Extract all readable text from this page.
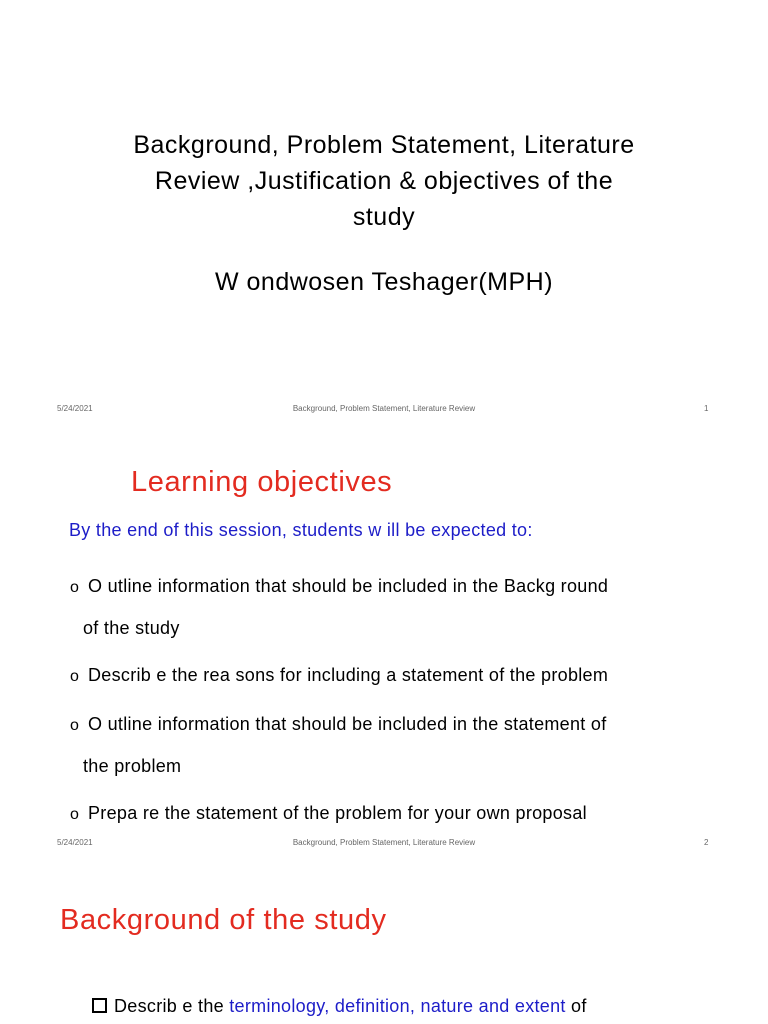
Background, Problem Statement, Literature
Review ,Justification & objectives of the
study
W ondwosen Teshager(MPH)
5/24/2021	Background, Problem Statement, Literature Review	1
Learning objectives
By the end of this session, students w ill be expected to:
o O utline information that should be included in the Backg round
of the study
o Describ e the rea sons for including a statement of the problem
o O utline information that should be included in the statement of
the problem
o Prepa re the statement of the problem for your own proposal
5/24/2021	Background, Problem Statement, Literature Review	2
Background of the study
Describ e the terminology, definition, nature and extent of
